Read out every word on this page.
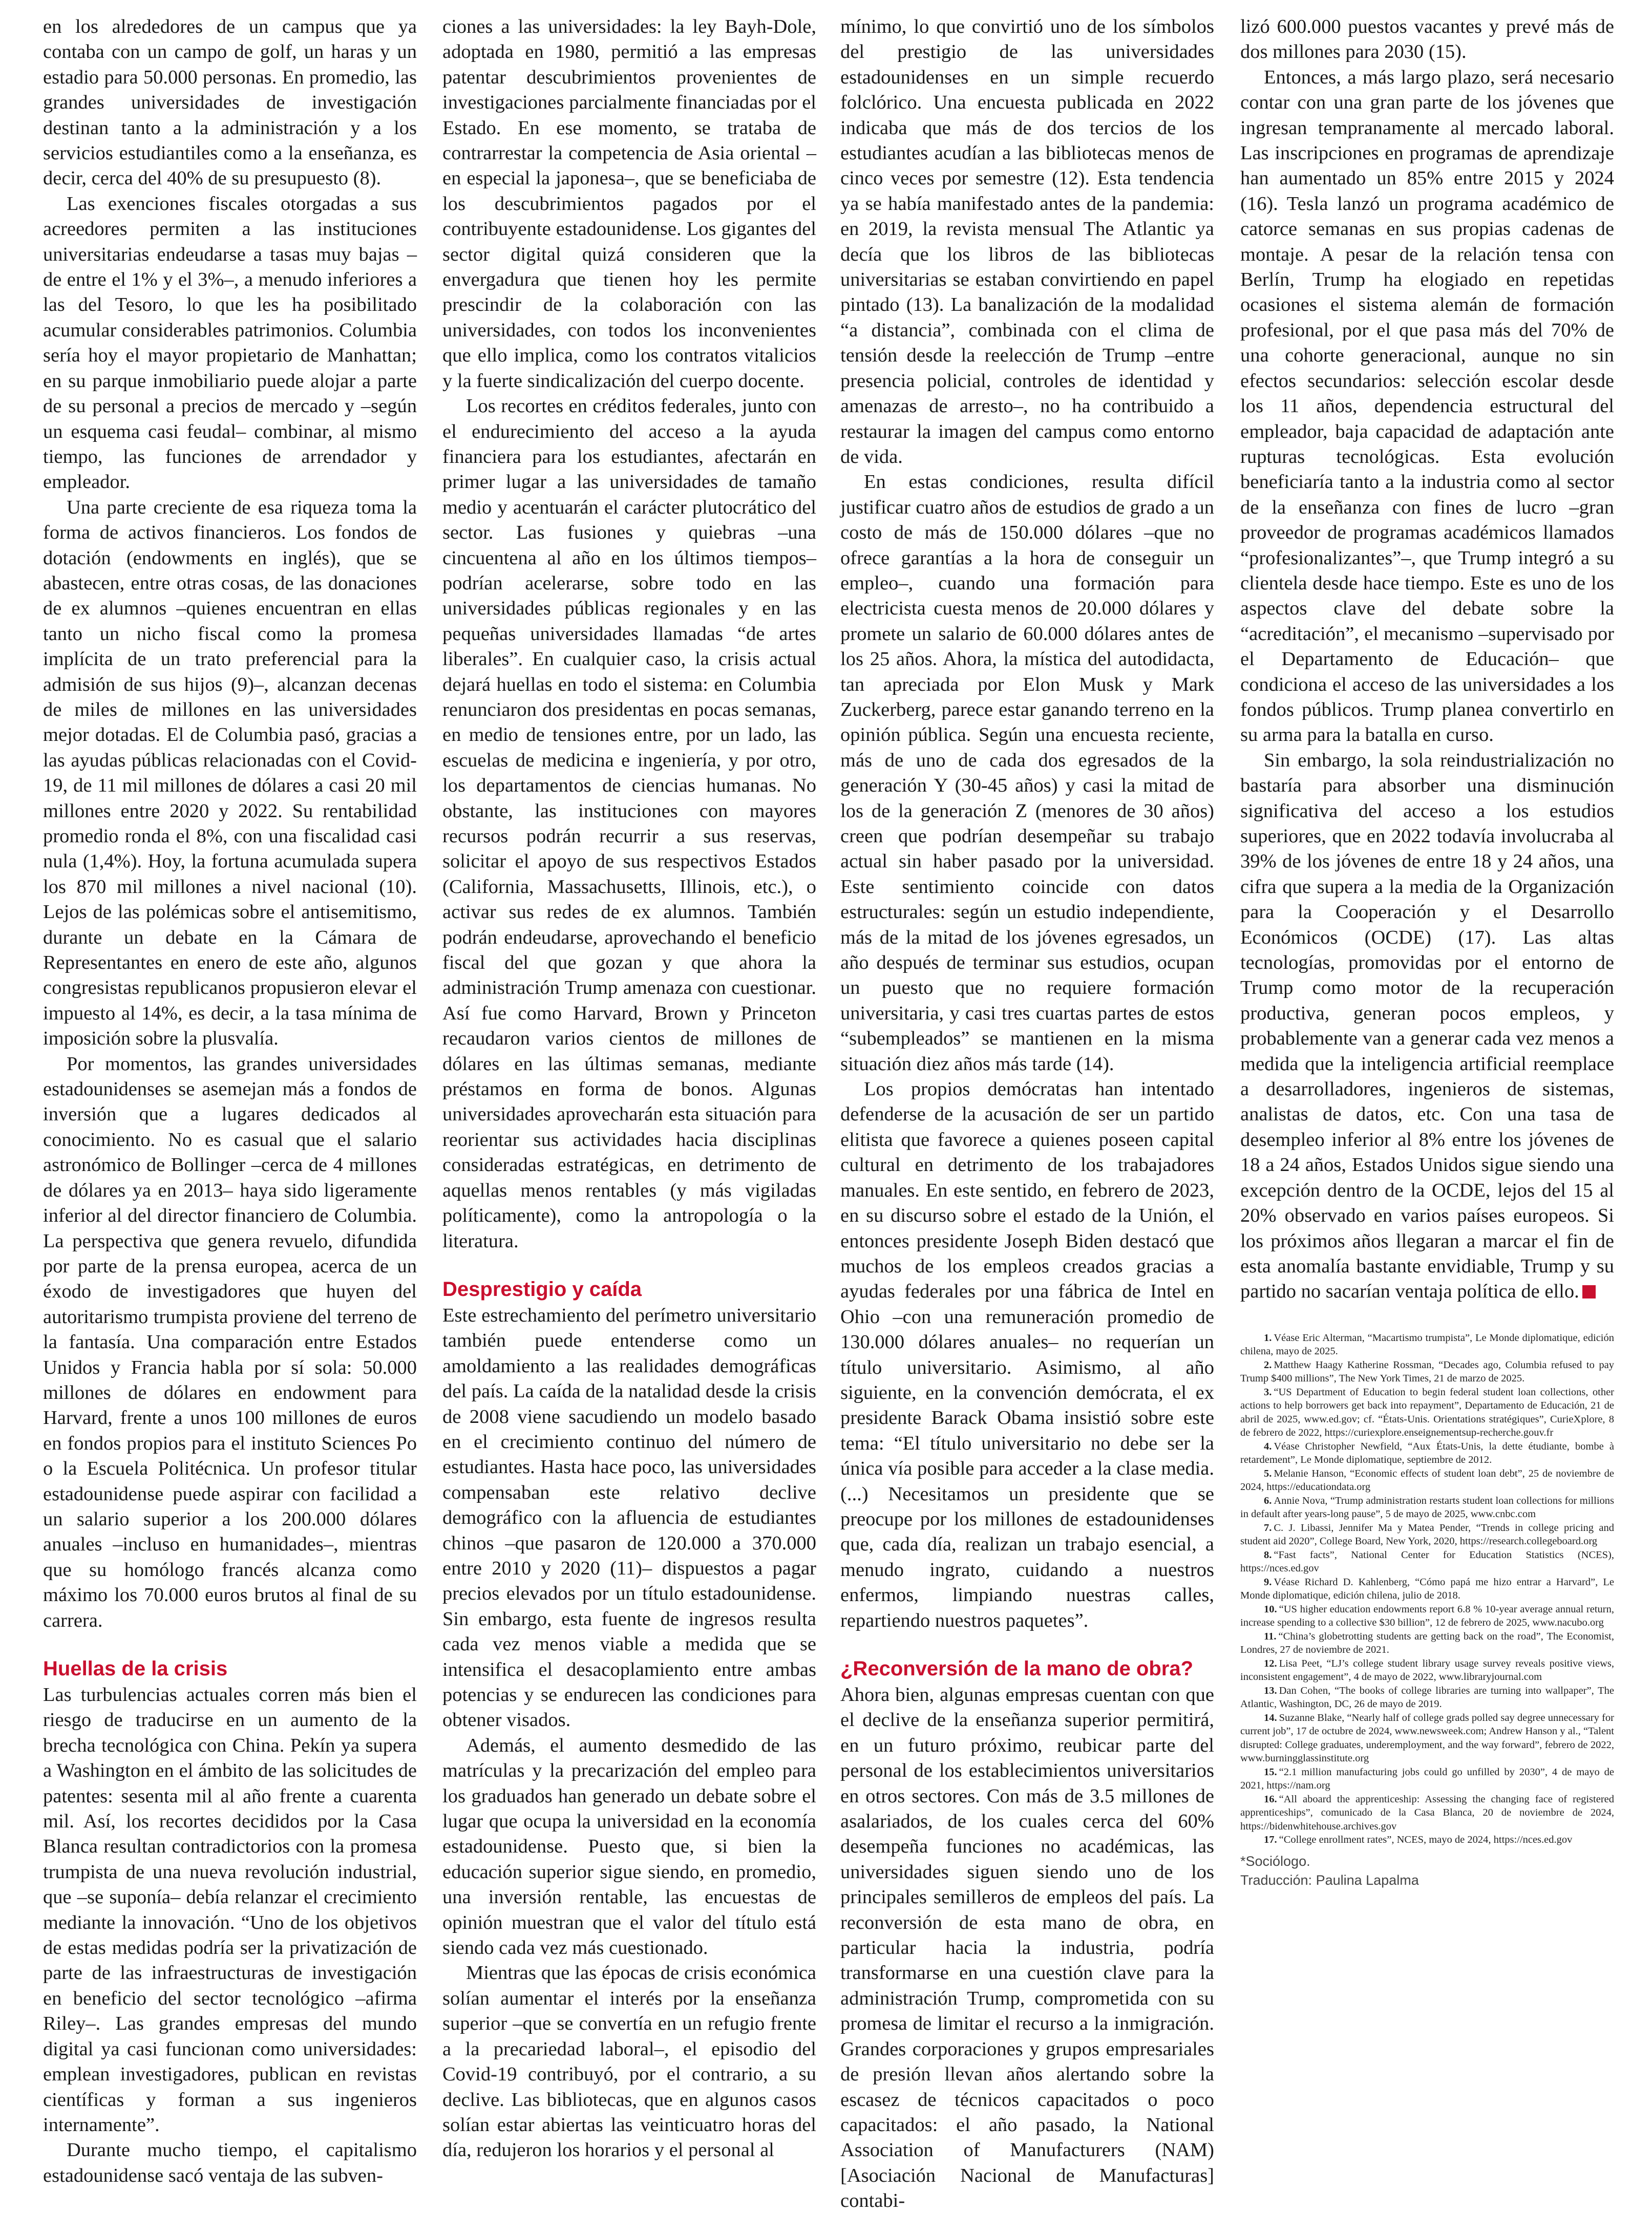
en los alrededores de un campus que ya contaba con un campo de golf, un haras y un estadio para 50.000 personas. En promedio, las grandes universidades de investigación destinan tanto a la administración y a los servicios estudiantiles como a la enseñanza, es decir, cerca del 40% de su presupuesto (8).

Las exenciones fiscales otorgadas a sus acreedores permiten a las instituciones universitarias endeudarse a tasas muy bajas –de entre el 1% y el 3%–, a menudo inferiores a las del Tesoro, lo que les ha posibilitado acumular considerables patrimonios. Columbia sería hoy el mayor propietario de Manhattan; en su parque inmobiliario puede alojar a parte de su personal a precios de mercado y –según un esquema casi feudal– combinar, al mismo tiempo, las funciones de arrendador y empleador.

Una parte creciente de esa riqueza toma la forma de activos financieros. Los fondos de dotación (endowments en inglés), que se abastecen, entre otras cosas, de las donaciones de ex alumnos –quienes encuentran en ellas tanto un nicho fiscal como la promesa implícita de un trato preferencial para la admisión de sus hijos (9)–, alcanzan decenas de miles de millones en las universidades mejor dotadas. El de Columbia pasó, gracias a las ayudas públicas relacionadas con el Covid-19, de 11 mil millones de dólares a casi 20 mil millones entre 2020 y 2022. Su rentabilidad promedio ronda el 8%, con una fiscalidad casi nula (1,4%). Hoy, la fortuna acumulada supera los 870 mil millones a nivel nacional (10). Lejos de las polémicas sobre el antisemitismo, durante un debate en la Cámara de Representantes en enero de este año, algunos congresistas republicanos propusieron elevar el impuesto al 14%, es decir, a la tasa mínima de imposición sobre la plusvalía.

Por momentos, las grandes universidades estadounidenses se asemejan más a fondos de inversión que a lugares dedicados al conocimiento. No es casual que el salario astronómico de Bollinger –cerca de 4 millones de dólares ya en 2013– haya sido ligeramente inferior al del director financiero de Columbia. La perspectiva que genera revuelo, difundida por parte de la prensa europea, acerca de un éxodo de investigadores que huyen del autoritarismo trumpista proviene del terreno de la fantasía. Una comparación entre Estados Unidos y Francia habla por sí sola: 50.000 millones de dólares en endowment para Harvard, frente a unos 100 millones de euros en fondos propios para el instituto Sciences Po o la Escuela Politécnica. Un profesor titular estadounidense puede aspirar con facilidad a un salario superior a los 200.000 dólares anuales –incluso en humanidades–, mientras que su homólogo francés alcanza como máximo los 70.000 euros brutos al final de su carrera.

Huellas de la crisis

Las turbulencias actuales corren más bien el riesgo de traducirse en un aumento de la brecha tecnológica con China. Pekín ya supera a Washington en el ámbito de las solicitudes de patentes: sesenta mil al año frente a cuarenta mil. Así, los recortes decididos por la Casa Blanca resultan contradictorios con la promesa trumpista de una nueva revolución industrial, que –se suponía– debía relanzar el crecimiento mediante la innovación. “Uno de los objetivos de estas medidas podría ser la privatización de parte de las infraestructuras de investigación en beneficio del sector tecnológico –afirma Riley–. Las grandes empresas del mundo digital ya casi funcionan como universidades: emplean investigadores, publican en revistas científicas y forman a sus ingenieros internamente”.

Durante mucho tiempo, el capitalismo estadounidense sacó ventaja de las subven-

ciones a las universidades: la ley Bayh-Dole, adoptada en 1980, permitió a las empresas patentar descubrimientos provenientes de investigaciones parcialmente financiadas por el Estado. En ese momento, se trataba de contrarrestar la competencia de Asia oriental –en especial la japonesa–, que se beneficiaba de los descubrimientos pagados por el contribuyente estadounidense. Los gigantes del sector digital quizá consideren que la envergadura que tienen hoy les permite prescindir de la colaboración con las universidades, con todos los inconvenientes que ello implica, como los contratos vitalicios y la fuerte sindicalización del cuerpo docente.

Los recortes en créditos federales, junto con el endurecimiento del acceso a la ayuda financiera para los estudiantes, afectarán en primer lugar a las universidades de tamaño medio y acentuarán el carácter plutocrático del sector. Las fusiones y quiebras –una cincuentena al año en los últimos tiempos– podrían acelerarse, sobre todo en las universidades públicas regionales y en las pequeñas universidades llamadas “de artes liberales”. En cualquier caso, la crisis actual dejará huellas en todo el sistema: en Columbia renunciaron dos presidentas en pocas semanas, en medio de tensiones entre, por un lado, las escuelas de medicina e ingeniería, y por otro, los departamentos de ciencias humanas. No obstante, las instituciones con mayores recursos podrán recurrir a sus reservas, solicitar el apoyo de sus respectivos Estados (California, Massachusetts, Illinois, etc.), o activar sus redes de ex alumnos. También podrán endeudarse, aprovechando el beneficio fiscal del que gozan y que ahora la administración Trump amenaza con cuestionar. Así fue como Harvard, Brown y Princeton recaudaron varios cientos de millones de dólares en las últimas semanas, mediante préstamos en forma de bonos. Algunas universidades aprovecharán esta situación para reorientar sus actividades hacia disciplinas consideradas estratégicas, en detrimento de aquellas menos rentables (y más vigiladas políticamente), como la antropología o la literatura.

Desprestigio y caída

Este estrechamiento del perímetro universitario también puede entenderse como un amoldamiento a las realidades demográficas del país. La caída de la natalidad desde la crisis de 2008 viene sacudiendo un modelo basado en el crecimiento continuo del número de estudiantes. Hasta hace poco, las universidades compensaban este relativo declive demográfico con la afluencia de estudiantes chinos –que pasaron de 120.000 a 370.000 entre 2010 y 2020 (11)– dispuestos a pagar precios elevados por un título estadounidense. Sin embargo, esta fuente de ingresos resulta cada vez menos viable a medida que se intensifica el desacoplamiento entre ambas potencias y se endurecen las condiciones para obtener visados.

Además, el aumento desmedido de las matrículas y la precarización del empleo para los graduados han generado un debate sobre el lugar que ocupa la universidad en la economía estadounidense. Puesto que, si bien la educación superior sigue siendo, en promedio, una inversión rentable, las encuestas de opinión muestran que el valor del título está siendo cada vez más cuestionado.

Mientras que las épocas de crisis económica solían aumentar el interés por la enseñanza superior –que se convertía en un refugio frente a la precariedad laboral–, el episodio del Covid-19 contribuyó, por el contrario, a su declive. Las bibliotecas, que en algunos casos solían estar abiertas las veinticuatro horas del día, redujeron los horarios y el personal al

mínimo, lo que convirtió uno de los símbolos del prestigio de las universidades estadounidenses en un simple recuerdo folclórico. Una encuesta publicada en 2022 indicaba que más de dos tercios de los estudiantes acudían a las bibliotecas menos de cinco veces por semestre (12). Esta tendencia ya se había manifestado antes de la pandemia: en 2019, la revista mensual The Atlantic ya decía que los libros de las bibliotecas universitarias se estaban convirtiendo en papel pintado (13). La banalización de la modalidad “a distancia”, combinada con el clima de tensión desde la reelección de Trump –entre presencia policial, controles de identidad y amenazas de arresto–, no ha contribuido a restaurar la imagen del campus como entorno de vida.

En estas condiciones, resulta difícil justificar cuatro años de estudios de grado a un costo de más de 150.000 dólares –que no ofrece garantías a la hora de conseguir un empleo–, cuando una formación para electricista cuesta menos de 20.000 dólares y promete un salario de 60.000 dólares antes de los 25 años. Ahora, la mística del autodidacta, tan apreciada por Elon Musk y Mark Zuckerberg, parece estar ganando terreno en la opinión pública. Según una encuesta reciente, más de uno de cada dos egresados de la generación Y (30-45 años) y casi la mitad de los de la generación Z (menores de 30 años) creen que podrían desempeñar su trabajo actual sin haber pasado por la universidad. Este sentimiento coincide con datos estructurales: según un estudio independiente, más de la mitad de los jóvenes egresados, un año después de terminar sus estudios, ocupan un puesto que no requiere formación universitaria, y casi tres cuartas partes de estos “subempleados” se mantienen en la misma situación diez años más tarde (14).

Los propios demócratas han intentado defenderse de la acusación de ser un partido elitista que favorece a quienes poseen capital cultural en detrimento de los trabajadores manuales. En este sentido, en febrero de 2023, en su discurso sobre el estado de la Unión, el entonces presidente Joseph Biden destacó que muchos de los empleos creados gracias a ayudas federales por una fábrica de Intel en Ohio –con una remuneración promedio de 130.000 dólares anuales– no requerían un título universitario. Asimismo, al año siguiente, en la convención demócrata, el ex presidente Barack Obama insistió sobre este tema: “El título universitario no debe ser la única vía posible para acceder a la clase media. (...) Necesitamos un presidente que se preocupe por los millones de estadounidenses que, cada día, realizan un trabajo esencial, a menudo ingrato, cuidando a nuestros enfermos, limpiando nuestras calles, repartiendo nuestros paquetes”.

¿Reconversión de la mano de obra?

Ahora bien, algunas empresas cuentan con que el declive de la enseñanza superior permitirá, en un futuro próximo, reubicar parte del personal de los establecimientos universitarios en otros sectores. Con más de 3.5 millones de asalariados, de los cuales cerca del 60% desempeña funciones no académicas, las universidades siguen siendo uno de los principales semilleros de empleos del país. La reconversión de esta mano de obra, en particular hacia la industria, podría transformarse en una cuestión clave para la administración Trump, comprometida con su promesa de limitar el recurso a la inmigración. Grandes corporaciones y grupos empresariales de presión llevan años alertando sobre la escasez de técnicos capacitados o poco capacitados: el año pasado, la National Association of Manufacturers (NAM) [Asociación Nacional de Manufacturas] contabi-

lizó 600.000 puestos vacantes y prevé más de dos millones para 2030 (15).

Entonces, a más largo plazo, será necesario contar con una gran parte de los jóvenes que ingresan tempranamente al mercado laboral. Las inscripciones en programas de aprendizaje han aumentado un 85% entre 2015 y 2024 (16). Tesla lanzó un programa académico de catorce semanas en sus propias cadenas de montaje. A pesar de la relación tensa con Berlín, Trump ha elogiado en repetidas ocasiones el sistema alemán de formación profesional, por el que pasa más del 70% de una cohorte generacional, aunque no sin efectos secundarios: selección escolar desde los 11 años, dependencia estructural del empleador, baja capacidad de adaptación ante rupturas tecnológicas. Esta evolución beneficiaría tanto a la industria como al sector de la enseñanza con fines de lucro –gran proveedor de programas académicos llamados “profesionalizantes”–, que Trump integró a su clientela desde hace tiempo. Este es uno de los aspectos clave del debate sobre la “acreditación”, el mecanismo –supervisado por el Departamento de Educación– que condiciona el acceso de las universidades a los fondos públicos. Trump planea convertirlo en su arma para la batalla en curso.

Sin embargo, la sola reindustrialización no bastaría para absorber una disminución significativa del acceso a los estudios superiores, que en 2022 todavía involucraba al 39% de los jóvenes de entre 18 y 24 años, una cifra que supera a la media de la Organización para la Cooperación y el Desarrollo Económicos (OCDE) (17). Las altas tecnologías, promovidas por el entorno de Trump como motor de la recuperación productiva, generan pocos empleos, y probablemente van a generar cada vez menos a medida que la inteligencia artificial reemplace a desarrolladores, ingenieros de sistemas, analistas de datos, etc. Con una tasa de desempleo inferior al 8% entre los jóvenes de 18 a 24 años, Estados Unidos sigue siendo una excepción dentro de la OCDE, lejos del 15 al 20% observado en varios países europeos. Si los próximos años llegaran a marcar el fin de esta anomalía bastante envidiable, Trump y su partido no sacarían ventaja política de ello.

1. Véase Eric Alterman, “Macartismo trumpista”, Le Monde diplomatique, edición chilena, mayo de 2025.

2. Matthew Haagy Katherine Rossman, “Decades ago, Columbia refused to pay Trump $400 millions”, The New York Times, 21 de marzo de 2025.

3. “US Department of Education to begin federal student loan collections, other actions to help borrowers get back into repayment”, Departamento de Educación, 21 de abril de 2025, www.ed.gov; cf. “États-Unis. Orientations stratégiques”, CurieXplore, 8 de febrero de 2022, https://curiexplore.enseignementsup-recherche.gouv.fr

4. Véase Christopher Newfield, “Aux États-Unis, la dette étudiante, bombe à retardement”, Le Monde diplomatique, septiembre de 2012.

5. Melanie Hanson, “Economic effects of student loan debt”, 25 de noviembre de 2024, https://educationdata.org

6. Annie Nova, “Trump administration restarts student loan collections for millions in default after years-long pause”, 5 de mayo de 2025, www.cnbc.com

7. C. J. Libassi, Jennifer Ma y Matea Pender, “Trends in college pricing and student aid 2020”, College Board, New York, 2020, https://research.collegeboard.org

8. “Fast facts”, National Center for Education Statistics (NCES), https://nces.ed.gov

9. Véase Richard D. Kahlenberg, “Cómo papá me hizo entrar a Harvard”, Le Monde diplomatique, edición chilena, julio de 2018.

10. “US higher education endowments report 6.8 % 10-year average annual return, increase spending to a collective $30 billion”, 12 de febrero de 2025, www.nacubo.org

11. “China’s globetrotting students are getting back on the road”, The Economist, Londres, 27 de noviembre de 2021.

12. Lisa Peet, “LJ’s college student library usage survey reveals positive views, inconsistent engagement”, 4 de mayo de 2022, www.libraryjournal.com

13. Dan Cohen, “The books of college libraries are turning into wallpaper”, The Atlantic, Washington, DC, 26 de mayo de 2019.

14. Suzanne Blake, “Nearly half of college grads polled say degree unnecessary for current job”, 17 de octubre de 2024, www.newsweek.com; Andrew Hanson y al., “Talent disrupted: College graduates, underemployment, and the way forward”, febrero de 2022, www.burningglassinstitute.org

15. “2.1 million manufacturing jobs could go unfilled by 2030”, 4 de mayo de 2021, https://nam.org

16. “All aboard the apprenticeship: Assessing the changing face of registered apprenticeships”, comunicado de la Casa Blanca, 20 de noviembre de 2024, https://bidenwhitehouse.archives.gov

17. “College enrollment rates”, NCES, mayo de 2024, https://nces.ed.gov

*Sociólogo.
Traducción: Paulina Lapalma
